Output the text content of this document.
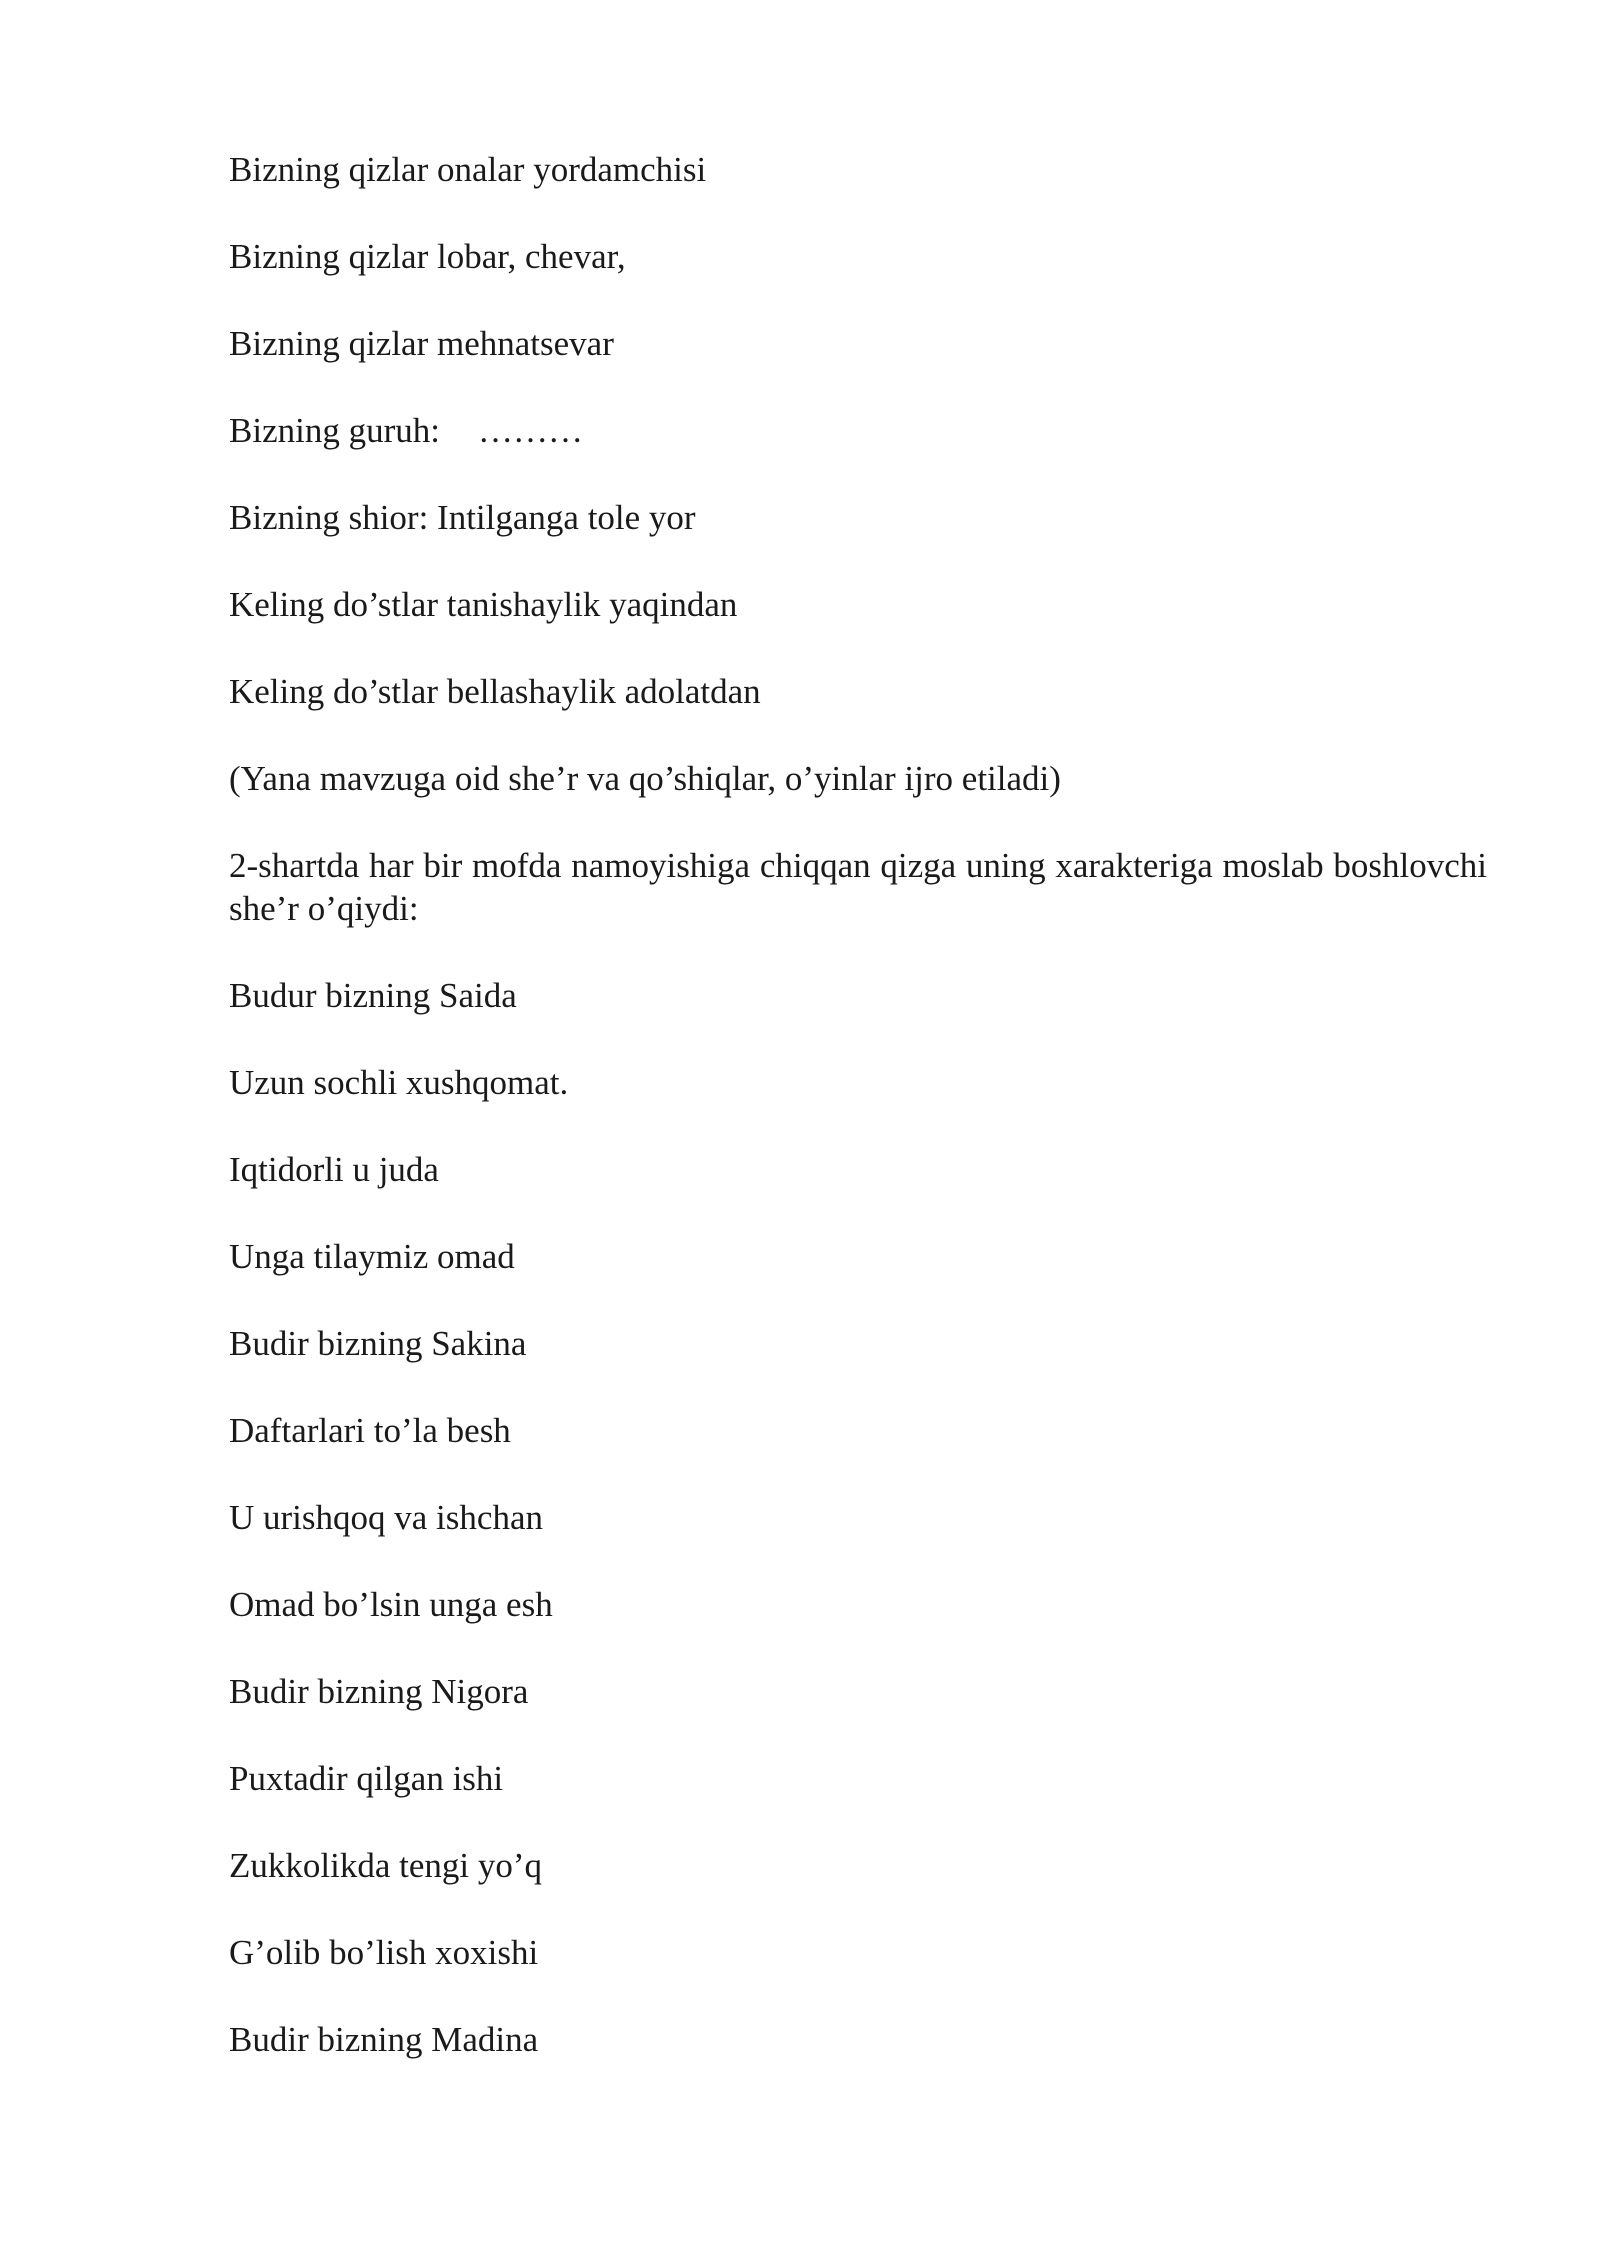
Bizning qizlar onalar yordamchisi

Bizning qizlar lobar, chevar,

Bizning qizlar mehnatsevar

Bizning guruh: ………

Bizning shior: Intilganga tole yor

Keling do’stlar tanishaylik yaqindan

Keling do’stlar bellashaylik adolatdan

(Yana mavzuga oid she’r va qo’shiqlar, o’yinlar ijro etiladi)

2-shartda har bir mofda namoyishiga chiqqan qizga uning xarakteriga moslab boshlovchi she’r o’qiydi:

Budur bizning Saida

Uzun sochli xushqomat.

Iqtidorli u juda

Unga tilaymiz omad

Budir bizning Sakina

Daftarlari to’la besh

U urishqoq va ishchan

Omad bo’lsin unga esh

Budir bizning Nigora

Puxtadir qilgan ishi

Zukkolikda tengi yo’q

G’olib bo’lish xoxishi

Budir bizning Madina
